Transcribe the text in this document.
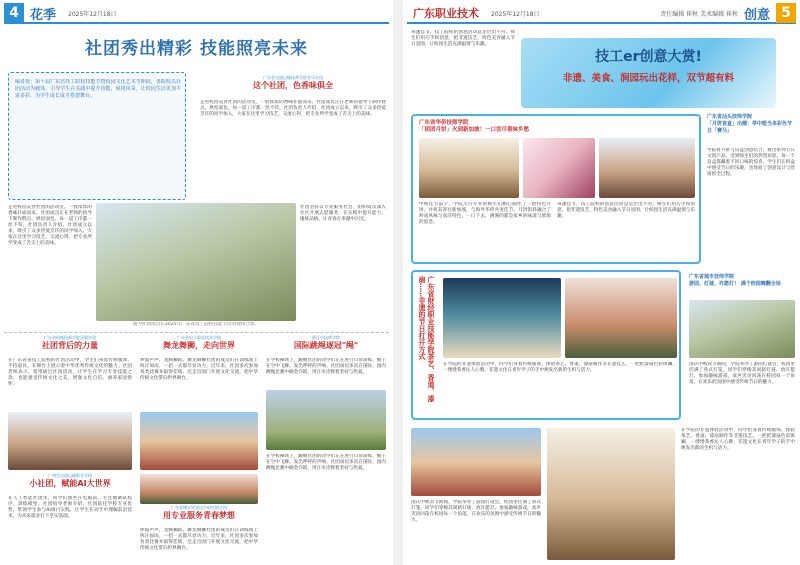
4 花季 2025年12月18日
社团秀出精彩 技能照亮未来
编者按：第十届广东省技工院校技能节暨校园文化艺术节期间，各院校以社团活动为载体，引导学生在实践中提升技能、展现风采，让校园生活更加丰富多彩，为学生成长成才搭建舞台。
广东省交通运输技师学院音乐社团
这个社团，色香味俱全
走进校园美食社团的活动室，一股浓浓的香味扑面而来。社团成员正在老师的指导下制作糕点、烘焙面包，每一道工序都一丝不苟。社团负责人介绍，社团成立以来，吸引了众多热爱烹饪的同学加入，大家在这里学习技艺、交流心得，把专业所学变成了舌尖上的美味。
图为社团成员在2025年广东省技工院校技能节活动现场合影。
走进校园美食社团的活动室，一股浓浓的香味扑面而来。社团成员正在老师的指导下制作糕点、烘焙面包，每一道工序都一丝不苟。社团负责人介绍，社团成立以来，吸引了众多热爱烹饪的同学加入，大家在这里学习技艺、交流心得，把专业所学变成了舌尖上的美味。
社团坚持以专业服务社会，组织成员深入社区开展志愿服务，在实践中提升能力、锤炼品格，让青春在奉献中闪光。
广东省机械技师学院汉服社团
社团背后的力量
在广东省某技工院校的社团活动中，学生们身着传统服饰，手持道具，在舞台上展示着中华优秀传统文化的魅力。社团老师表示，希望通过社团活动，让学生在学习专业技能之余，也能感受传统文化之美，增强文化自信，涵养家国情怀。
广东省电子职业技术学校
舞龙舞狮，走向世界
锣鼓声声，龙腾狮跃。舞龙舞狮社团的成员们在训练场上挥汗如雨，一招一式都尽显功力。近年来，社团多次参加各类比赛并取得佳绩，还走出国门开展文化交流，把中华传统文化带向世界舞台。
湛江市技师学院
国际跳绳逐冠"绳"
在学校操场上，跳绳社团的同学们正在进行日常训练，绳子在空中飞舞，发出呼呼的声响。社团成员多次在国际、国内跳绳比赛中摘金夺银，用汗水诠释着坚持与热爱。
广州市交通运输职业学校
小社团，赋能AI大世界
在人工智能社团里，同学们围坐在电脑前，专注地调试程序、训练模型。社团指导老师介绍，社团依托学校专业优势，带领学生参与AI项目实践，让学生在动手中理解前沿技术，为未来就业打下坚实基础。
广东省城乡规划设计研究院社团
用专业服务青春梦想
锣鼓声声，龙腾狮跃。舞龙舞狮社团的成员们在训练场上挥汗如雨，一招一式都尽显功力。近年来，社团多次参加各类比赛并取得佳绩，还走出国门开展文化交流，把中华传统文化带向世界舞台。
在学校操场上，跳绳社团的同学们正在进行日常训练，绳子在空中飞舞，发出呼呼的声响。社团成员多次在国际、国内跳绳比赛中摘金夺银，用汗水诠释着坚持与热爱。
广东职业技术 2025年12月18日	责任编辑 崔秋 美术编辑 崔秋 创意 5
每逢佳节，技工院校的创意活动总是层出不穷。师生们用巧手和创意，把非遗技艺、特色美食融入节日氛围，让校园生活充满温情与乐趣。
技工er创意大赏!
非遗、美食、涧园玩出花样，双节超有料
广东省华侨技师学院
「团团月饼」火到新加坡！一口尝尽着味乡愁
中秋佳节前夕，学院烹饪专业的师生们精心制作了一批特色月饼，并将其寄往新加坡，与海外华侨共度佳节。月饼馅料融合了岭南风味与南洋特色，一口下去，满满的都是家乡的味道与浓浓的思念。
每逢佳节，技工院校的创意活动总是层出不穷。师生们用巧手和创意，把非遗技艺、特色美食融入节日氛围，让校园生活充满温情与乐趣。
广东省汕头技师学院
「月饼盲盒」出圈：萃中能当多彩色节日「赛马」
学院将月饼与盲盒创意结合，推出系列节日文创产品，受到师生们的热烈欢迎。每一个盲盒都藏着不同口味的惊喜，学生们在拆盒中感受节日的乐趣，也体验了创意设计与营销的全过程。
广东省财经职业技能学院茶艺、香道、漆扇……非遗的节日打开方式
在学院的非遗体验活动中，同学们身着传统服饰，体验茶艺、香道、漆扇制作等非遗技艺。一把把漆扇色彩斑斓，一缕缕茶香沁人心脾，非遗文化在青年学子的手中焕发出新的生机与活力。
广东省城市技师学院
游园、灯谜、许愿灯！ 满个校园嗨翻全场
国庆中秋双节期间，学院举办了游园灯谜会，校园里挂满了各式灯笼，同学们穿梭其间猜灯谜、放许愿灯、参加趣味游戏，欢声笑语回荡在校园每一个角落，在欢乐的氛围中感受传统节日的魅力。
国庆中秋双节期间，学院举办了游园灯谜会，校园里挂满了各式灯笼，同学们穿梭其间猜灯谜、放许愿灯、参加趣味游戏，欢声笑语回荡在校园每一个角落，在欢乐的氛围中感受传统节日的魅力。
在学院的非遗体验活动中，同学们身着传统服饰，体验茶艺、香道、漆扇制作等非遗技艺。一把把漆扇色彩斑斓，一缕缕茶香沁人心脾，非遗文化在青年学子的手中焕发出新的生机与活力。
